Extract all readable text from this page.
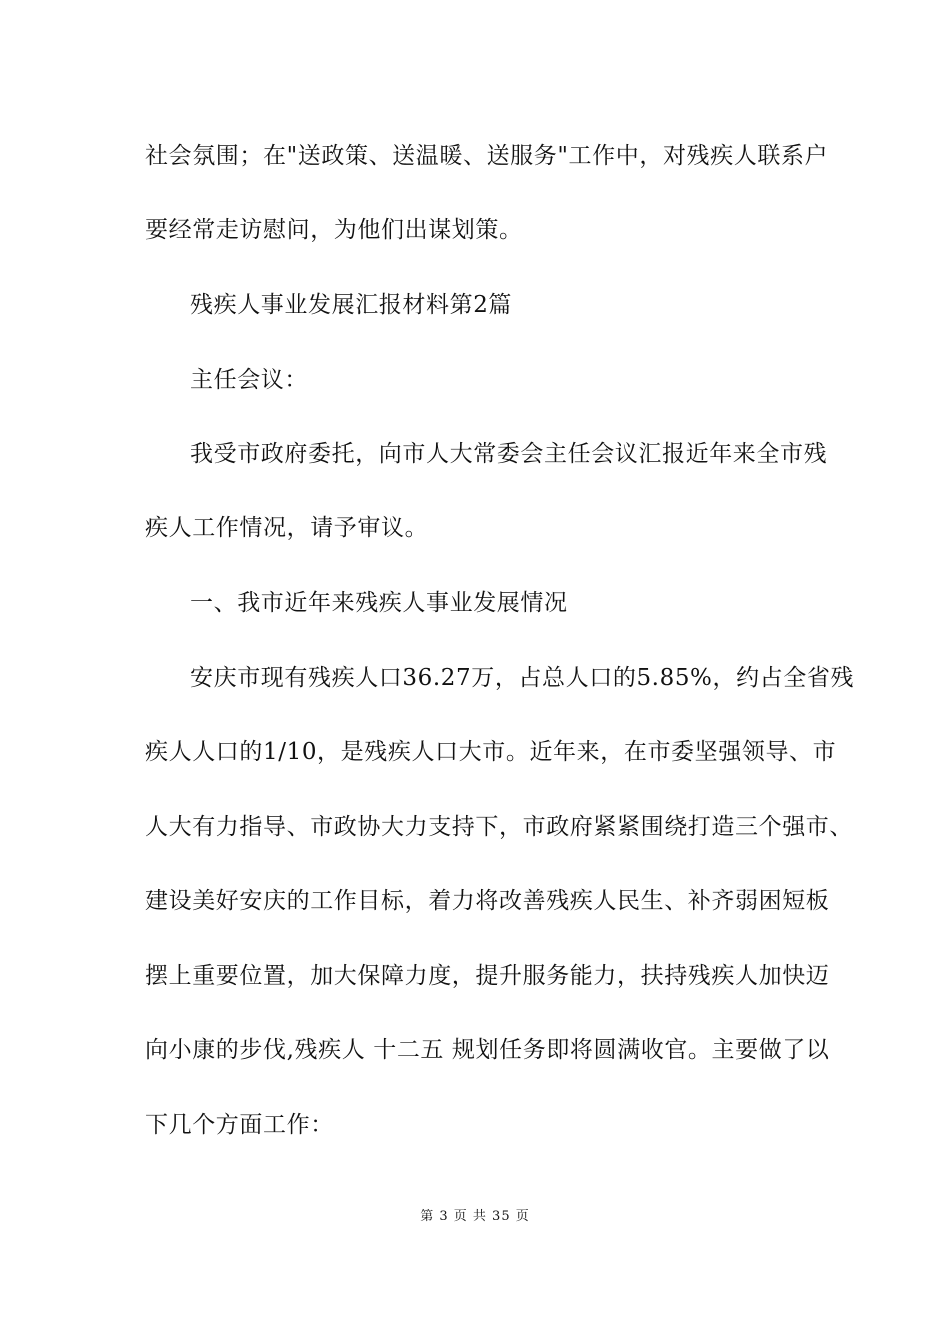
社会氛围；在"送政策、送温暖、送服务"工作中，对残疾人联系户
要经常走访慰问，为他们出谋划策。
残疾人事业发展汇报材料第2篇
主任会议：
我受市政府委托，向市人大常委会主任会议汇报近年来全市残
疾人工作情况，请予审议。
一、我市近年来残疾人事业发展情况
安庆市现有残疾人口36.27万，占总人口的5.85%，约占全省残
疾人人口的1/10，是残疾人口大市。近年来，在市委坚强领导、市
人大有力指导、市政协大力支持下，市政府紧紧围绕打造三个强市、
建设美好安庆的工作目标，着力将改善残疾人民生、补齐弱困短板
摆上重要位置，加大保障力度，提升服务能力，扶持残疾人加快迈
向小康的步伐,残疾人 十二五 规划任务即将圆满收官。主要做了以
下几个方面工作：
第 3 页 共 35 页
